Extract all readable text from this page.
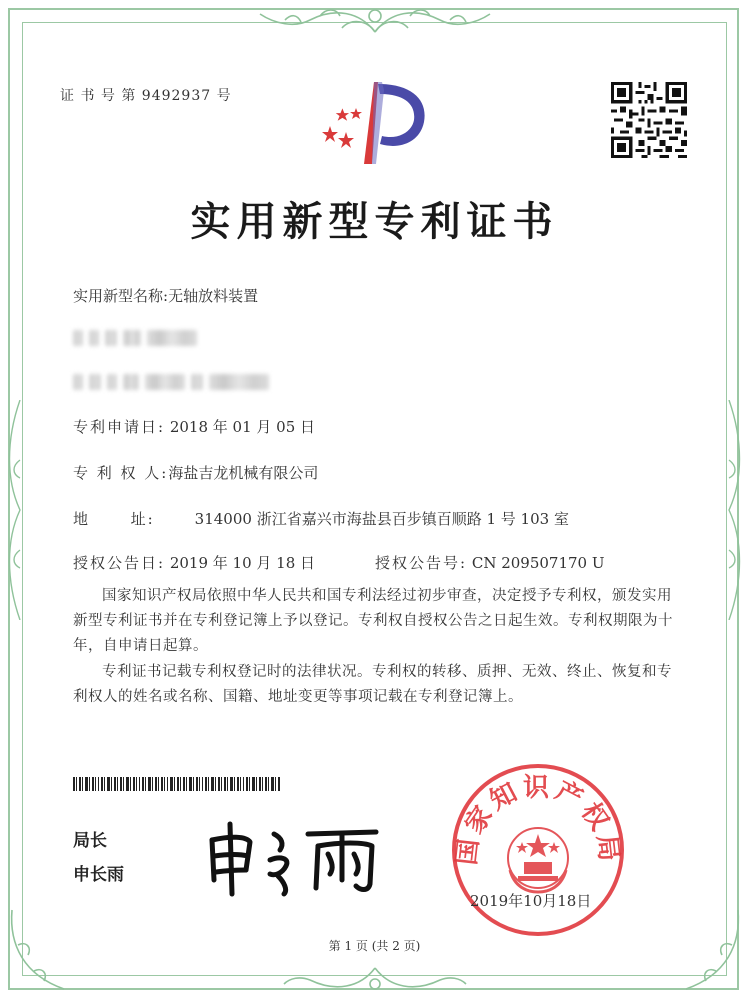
证 书 号 第 9492937 号
实用新型专利证书
实用新型名称:无轴放料装置
专利申请日: 2018 年 01 月 05 日
专 利 权 人:海盐吉龙机械有限公司
地      址:	314000 浙江省嘉兴市海盐县百步镇百顺路 1 号 103 室
授权公告日: 2019 年 10 月 18 日	授权公告号: CN 209507170 U
国家知识产权局依照中华人民共和国专利法经过初步审查，决定授予专利权，颁发实用新型专利证书并在专利登记簿上予以登记。专利权自授权公告之日起生效。专利权期限为十年，自申请日起算。
专利证书记载专利权登记时的法律状况。专利权的转移、质押、无效、终止、恢复和专利权人的姓名或名称、国籍、地址变更等事项记载在专利登记簿上。
局长
申长雨
国家知识产权局
2019年10月18日
第 1 页 (共 2 页)
